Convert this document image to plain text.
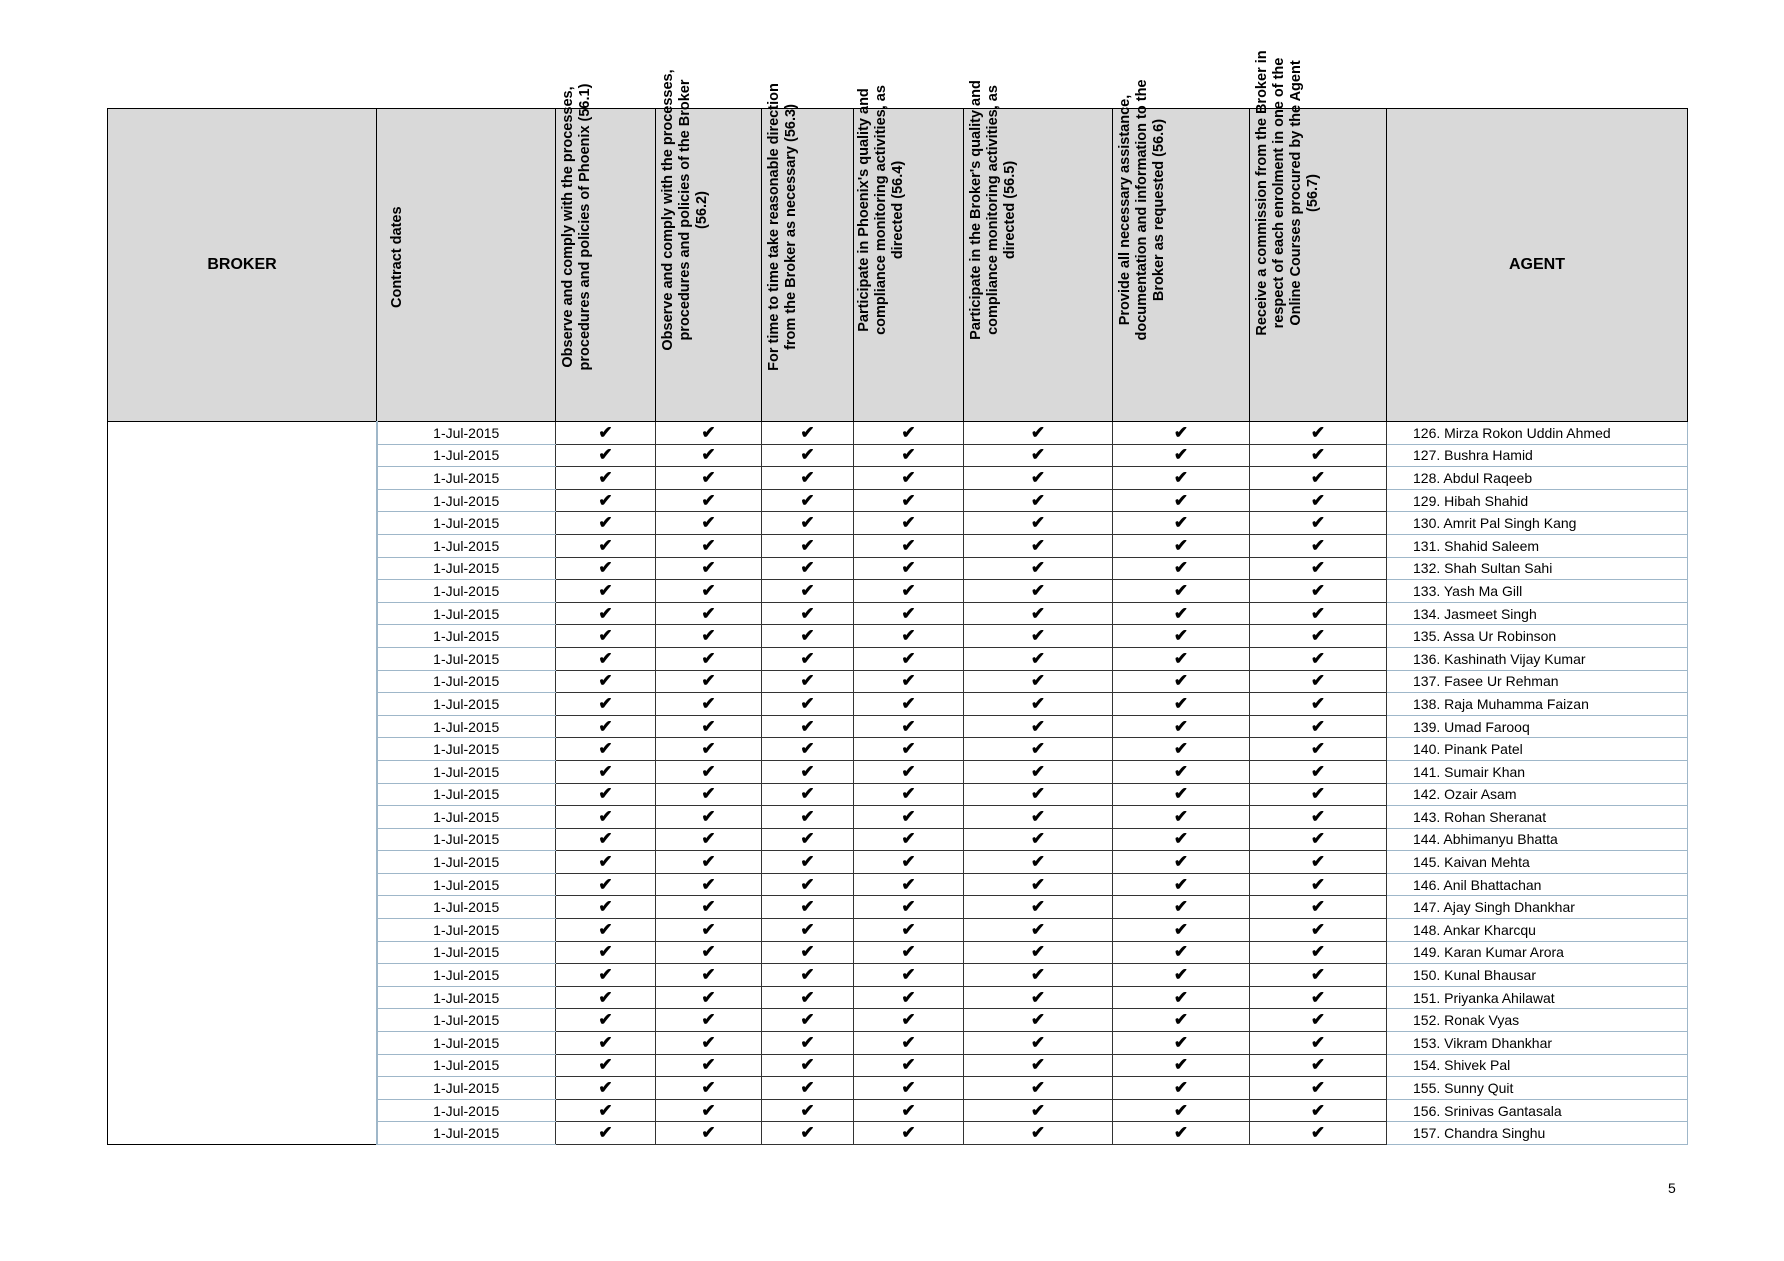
BROKER	Contract dates	Observe and comply with the processes, procedures and policies of Phoenix (56.1)	Observe and comply with the processes, procedures and policies of the Broker (56.2)	For time to time take reasonable direction from the Broker as necessary (56.3)	Participate in Phoenix's quality and compliance monitoring activities, as directed (56.4)	Participate in the Broker's quality and compliance monitoring activities, as directed (56.5)	Provide all necessary assistance, documentation and information to the Broker as requested (56.6)	Receive a commission from the Broker in respect of each enrolment in one of the Online Courses procured by the Agent (56.7)	AGENT

	1-Jul-2015	✔	✔	✔	✔	✔	✔	✔	126. Mirza Rokon Uddin Ahmed
	1-Jul-2015	✔	✔	✔	✔	✔	✔	✔	127. Bushra Hamid
	1-Jul-2015	✔	✔	✔	✔	✔	✔	✔	128. Abdul Raqeeb
	1-Jul-2015	✔	✔	✔	✔	✔	✔	✔	129. Hibah Shahid
	1-Jul-2015	✔	✔	✔	✔	✔	✔	✔	130. Amrit Pal Singh Kang
	1-Jul-2015	✔	✔	✔	✔	✔	✔	✔	131. Shahid Saleem
	1-Jul-2015	✔	✔	✔	✔	✔	✔	✔	132. Shah Sultan Sahi
	1-Jul-2015	✔	✔	✔	✔	✔	✔	✔	133. Yash Ma Gill
	1-Jul-2015	✔	✔	✔	✔	✔	✔	✔	134. Jasmeet Singh
	1-Jul-2015	✔	✔	✔	✔	✔	✔	✔	135. Assa Ur Robinson
	1-Jul-2015	✔	✔	✔	✔	✔	✔	✔	136. Kashinath Vijay Kumar
	1-Jul-2015	✔	✔	✔	✔	✔	✔	✔	137. Fasee Ur Rehman
	1-Jul-2015	✔	✔	✔	✔	✔	✔	✔	138. Raja Muhamma Faizan
	1-Jul-2015	✔	✔	✔	✔	✔	✔	✔	139. Umad Farooq
	1-Jul-2015	✔	✔	✔	✔	✔	✔	✔	140. Pinank Patel
	1-Jul-2015	✔	✔	✔	✔	✔	✔	✔	141. Sumair Khan
	1-Jul-2015	✔	✔	✔	✔	✔	✔	✔	142. Ozair Asam
	1-Jul-2015	✔	✔	✔	✔	✔	✔	✔	143. Rohan Sheranat
	1-Jul-2015	✔	✔	✔	✔	✔	✔	✔	144. Abhimanyu Bhatta
	1-Jul-2015	✔	✔	✔	✔	✔	✔	✔	145. Kaivan Mehta
	1-Jul-2015	✔	✔	✔	✔	✔	✔	✔	146. Anil Bhattachan
	1-Jul-2015	✔	✔	✔	✔	✔	✔	✔	147. Ajay Singh Dhankhar
	1-Jul-2015	✔	✔	✔	✔	✔	✔	✔	148. Ankar Kharcqu
	1-Jul-2015	✔	✔	✔	✔	✔	✔	✔	149. Karan Kumar Arora
	1-Jul-2015	✔	✔	✔	✔	✔	✔	✔	150. Kunal Bhausar
	1-Jul-2015	✔	✔	✔	✔	✔	✔	✔	151. Priyanka Ahilawat
	1-Jul-2015	✔	✔	✔	✔	✔	✔	✔	152. Ronak Vyas
	1-Jul-2015	✔	✔	✔	✔	✔	✔	✔	153. Vikram Dhankhar
	1-Jul-2015	✔	✔	✔	✔	✔	✔	✔	154. Shivek Pal
	1-Jul-2015	✔	✔	✔	✔	✔	✔	✔	155. Sunny Quit
	1-Jul-2015	✔	✔	✔	✔	✔	✔	✔	156. Srinivas Gantasala
	1-Jul-2015	✔	✔	✔	✔	✔	✔	✔	157. Chandra Singhu
5
